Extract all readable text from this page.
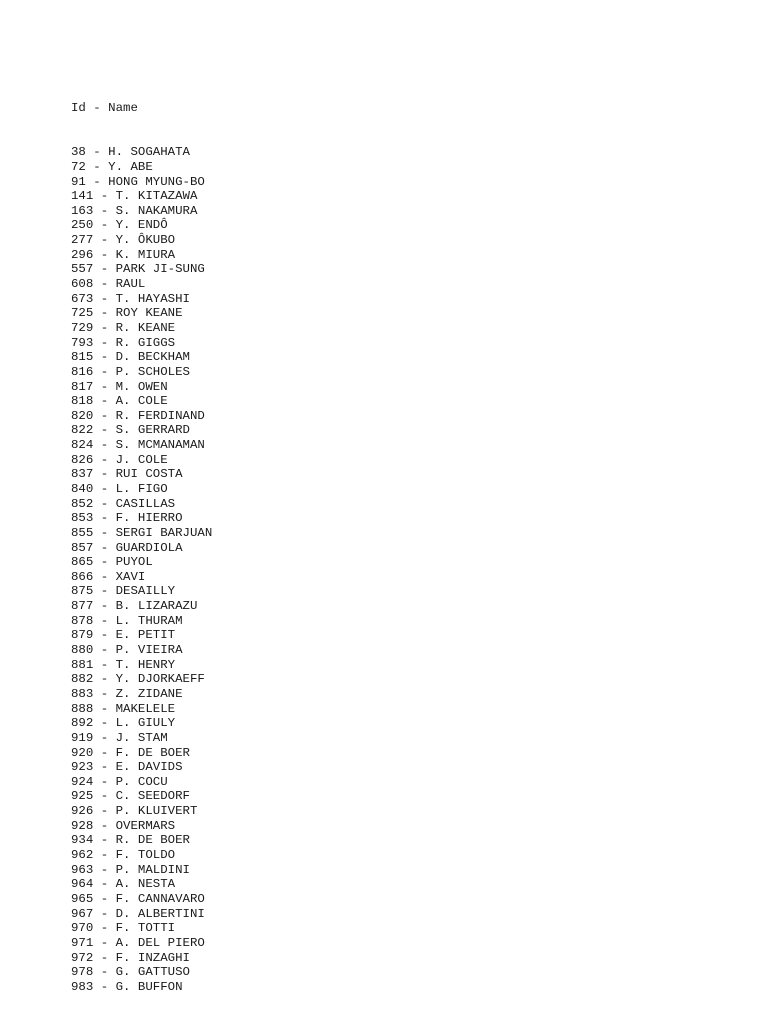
Id - Name

38 - H. SOGAHATA
72 - Y. ABE
91 - HONG MYUNG-BO
141 - T. KITAZAWA
163 - S. NAKAMURA
250 - Y. ENDÔ
277 - Y. ÔKUBO
296 - K. MIURA
557 - PARK JI-SUNG
608 - RAUL
673 - T. HAYASHI
725 - ROY KEANE
729 - R. KEANE
793 - R. GIGGS
815 - D. BECKHAM
816 - P. SCHOLES
817 - M. OWEN
818 - A. COLE
820 - R. FERDINAND
822 - S. GERRARD
824 - S. MCMANAMAN
826 - J. COLE
837 - RUI COSTA
840 - L. FIGO
852 - CASILLAS
853 - F. HIERRO
855 - SERGI BARJUAN
857 - GUARDIOLA
865 - PUYOL
866 - XAVI
875 - DESAILLY
877 - B. LIZARAZU
878 - L. THURAM
879 - E. PETIT
880 - P. VIEIRA
881 - T. HENRY
882 - Y. DJORKAEFF
883 - Z. ZIDANE
888 - MAKELELE
892 - L. GIULY
919 - J. STAM
920 - F. DE BOER
923 - E. DAVIDS
924 - P. COCU
925 - C. SEEDORF
926 - P. KLUIVERT
928 - OVERMARS
934 - R. DE BOER
962 - F. TOLDO
963 - P. MALDINI
964 - A. NESTA
965 - F. CANNAVARO
967 - D. ALBERTINI
970 - F. TOTTI
971 - A. DEL PIERO
972 - F. INZAGHI
978 - G. GATTUSO
983 - G. BUFFON
